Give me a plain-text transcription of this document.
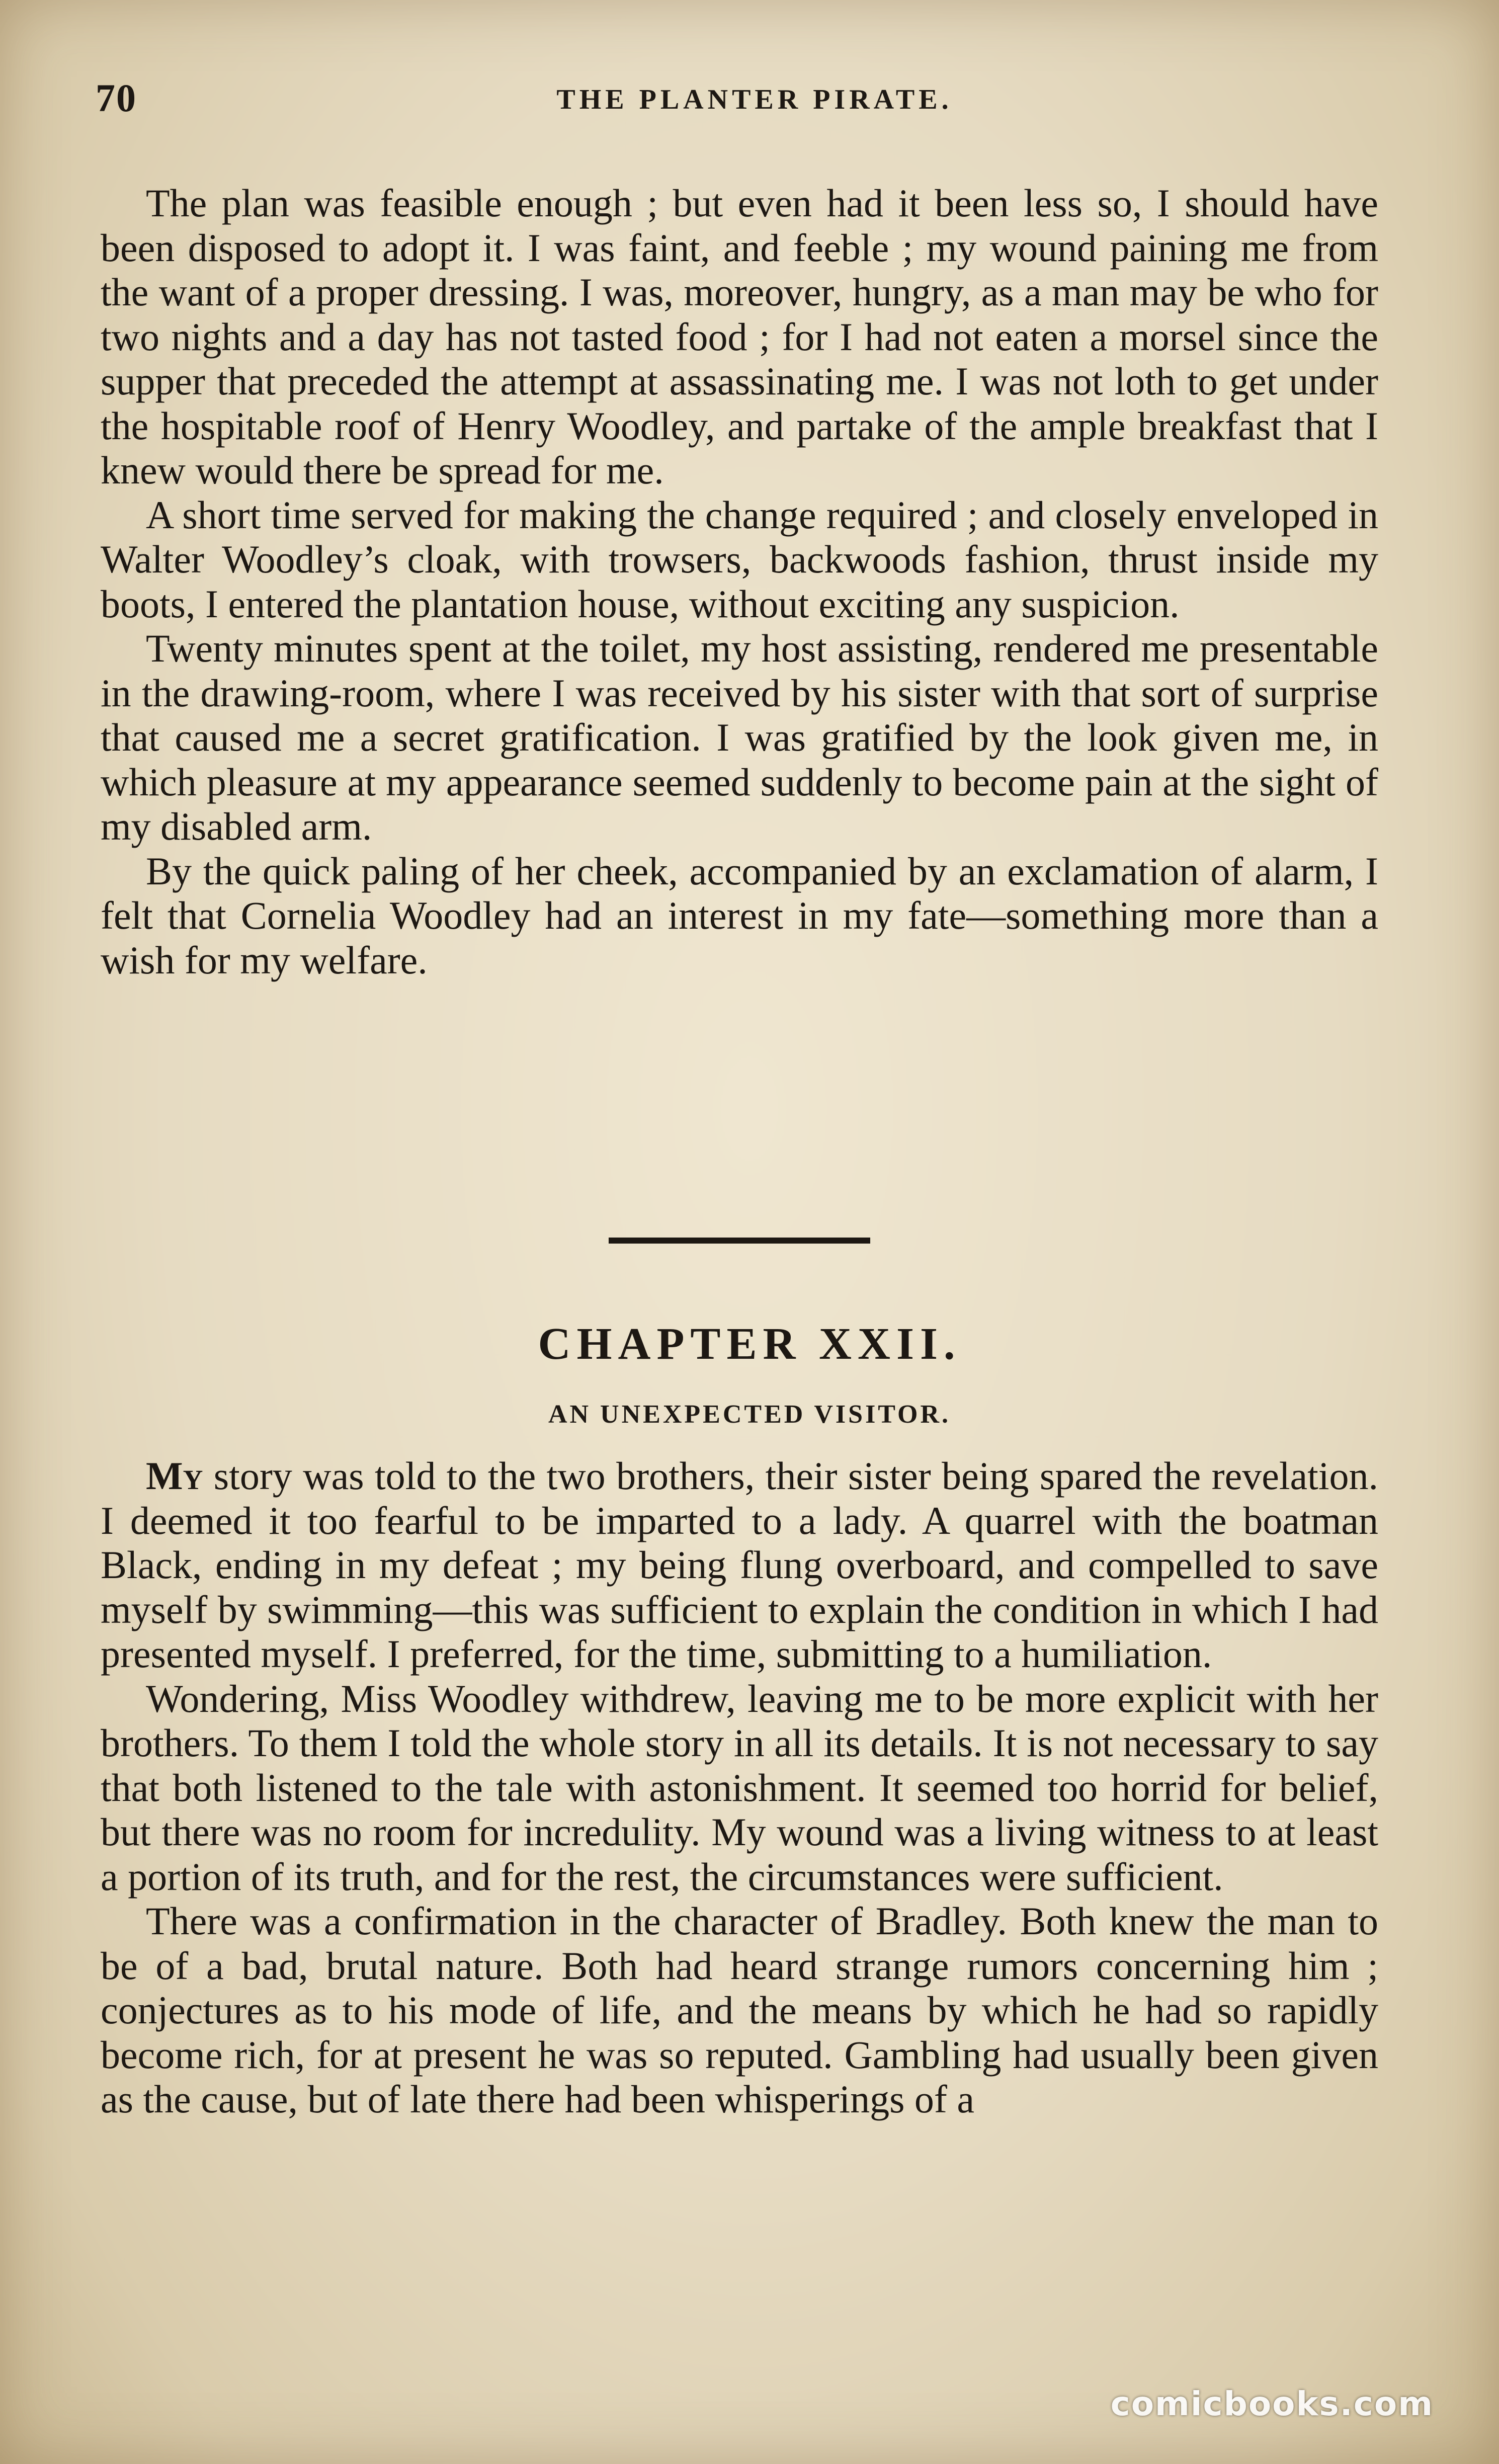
70	THE PLANTER PIRATE.

The plan was feasible enough ; but even had it been less so, I should have been disposed to adopt it. I was faint, and feeble ; my wound paining me from the want of a proper dressing. I was, moreover, hungry, as a man may be who for two nights and a day has not tasted food ; for I had not eaten a morsel since the supper that preceded the attempt at assassinating me. I was not loth to get under the hospitable roof of Henry Woodley, and partake of the ample breakfast that I knew would there be spread for me.

A short time served for making the change required ; and closely enveloped in Walter Woodley’s cloak, with trowsers, backwoods fashion, thrust inside my boots, I entered the plantation house, without exciting any suspicion.

Twenty minutes spent at the toilet, my host assisting, rendered me presentable in the drawing-room, where I was received by his sister with that sort of surprise that caused me a secret gratification. I was gratified by the look given me, in which pleasure at my appearance seemed suddenly to become pain at the sight of my disabled arm.

By the quick paling of her cheek, accompanied by an exclamation of alarm, I felt that Cornelia Woodley had an interest in my fate—something more than a wish for my welfare.

CHAPTER XXII.
AN UNEXPECTED VISITOR.

My story was told to the two brothers, their sister being spared the revelation. I deemed it too fearful to be imparted to a lady. A quarrel with the boatman Black, ending in my defeat ; my being flung overboard, and compelled to save myself by swimming—this was sufficient to explain the condition in which I had presented myself. I preferred, for the time, submitting to a humiliation.

Wondering, Miss Woodley withdrew, leaving me to be more explicit with her brothers. To them I told the whole story in all its details. It is not necessary to say that both listened to the tale with astonishment. It seemed too horrid for belief, but there was no room for incredulity. My wound was a living witness to at least a portion of its truth, and for the rest, the circumstances were sufficient.

There was a confirmation in the character of Bradley. Both knew the man to be of a bad, brutal nature. Both had heard strange rumors concerning him ; conjectures as to his mode of life, and the means by which he had so rapidly become rich, for at present he was so reputed. Gambling had usually been given as the cause, but of late there had been whisperings of a

comicbooks.com
